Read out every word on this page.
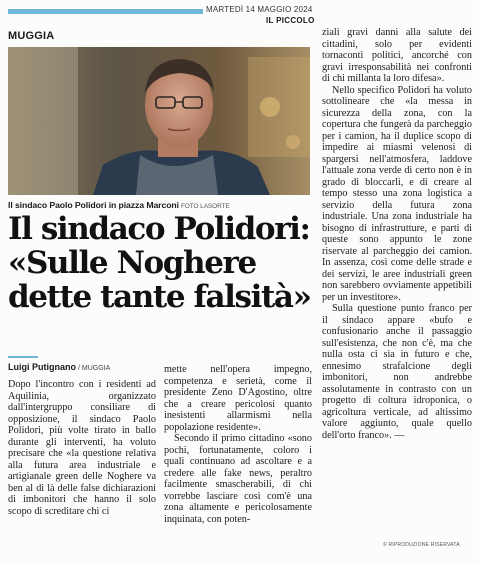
MARTEDÌ 14 MAGGIO 2024
IL PICCOLO
MUGGIA
Il sindaco Paolo Polidori in piazza Marconi FOTO LASORTE
Il sindaco Polidori:
«Sulle Noghere
dette tante falsità»
Luigi Putignano / MUGGIA

Dopo l'incontro con i residenti ad Aquilinia, organizzato dall'intergruppo consiliare di opposizione, il sindaco Paolo Polidori, più volte tirato in ballo durante gli interventi, ha voluto precisare che «la questione relativa alla futura area industriale e artigianale green delle Noghere va ben al di là delle false dichiarazioni di imbonitori che hanno il solo scopo di screditare chi ci

mette nell'opera impegno, competenza e serietà, come il presidente Zeno D'Agostino, oltre che a creare pericolosi quanto inesistenti allarmismi nella popolazione residente».

Secondo il primo cittadino «sono pochi, fortunatamente, coloro i quali continuano ad ascoltare e a credere alle fake news, peraltro facilmente smascherabili, di chi vorrebbe lasciare così com'è una zona altamente e pericolosamente inquinata, con poten-

ziali gravi danni alla salute dei cittadini, solo per evidenti tornaconti politici, ancorché con gravi irresponsabilità nei confronti di chi millanta la loro difesa».

Nello specifico Polidori ha voluto sottolineare che «la messa in sicurezza della zona, con la copertura che fungerà da parcheggio per i camion, ha il duplice scopo di impedire ai miasmi velenosi di spargersi nell'atmosfera, laddove l'attuale zona verde di certo non è in grado di bloccarli, e di creare al tempo stesso una zona logistica a servizio della futura zona industriale. Una zona industriale ha bisogno di infrastrutture, e parti di queste sono appunto le zone riservate al parcheggio dei camion. In assenza, così come delle strade e dei servizi, le aree industriali green non sarebbero ovviamente appetibili per un investitore».

Sulla questione punto franco per il sindaco appare «bufo e confusionario anche il passaggio sull'esistenza, che non c'è, ma che nulla osta ci sia in futuro e che, ennesimo strafalcione degli imbonitori, non andrebbe assolutamente in contrasto con un progetto di coltura idroponica, o agricoltura verticale, ad altissimo valore aggiunto, quale quello dell'orto franco». —

© RIPRODUZIONE RISERVATA
